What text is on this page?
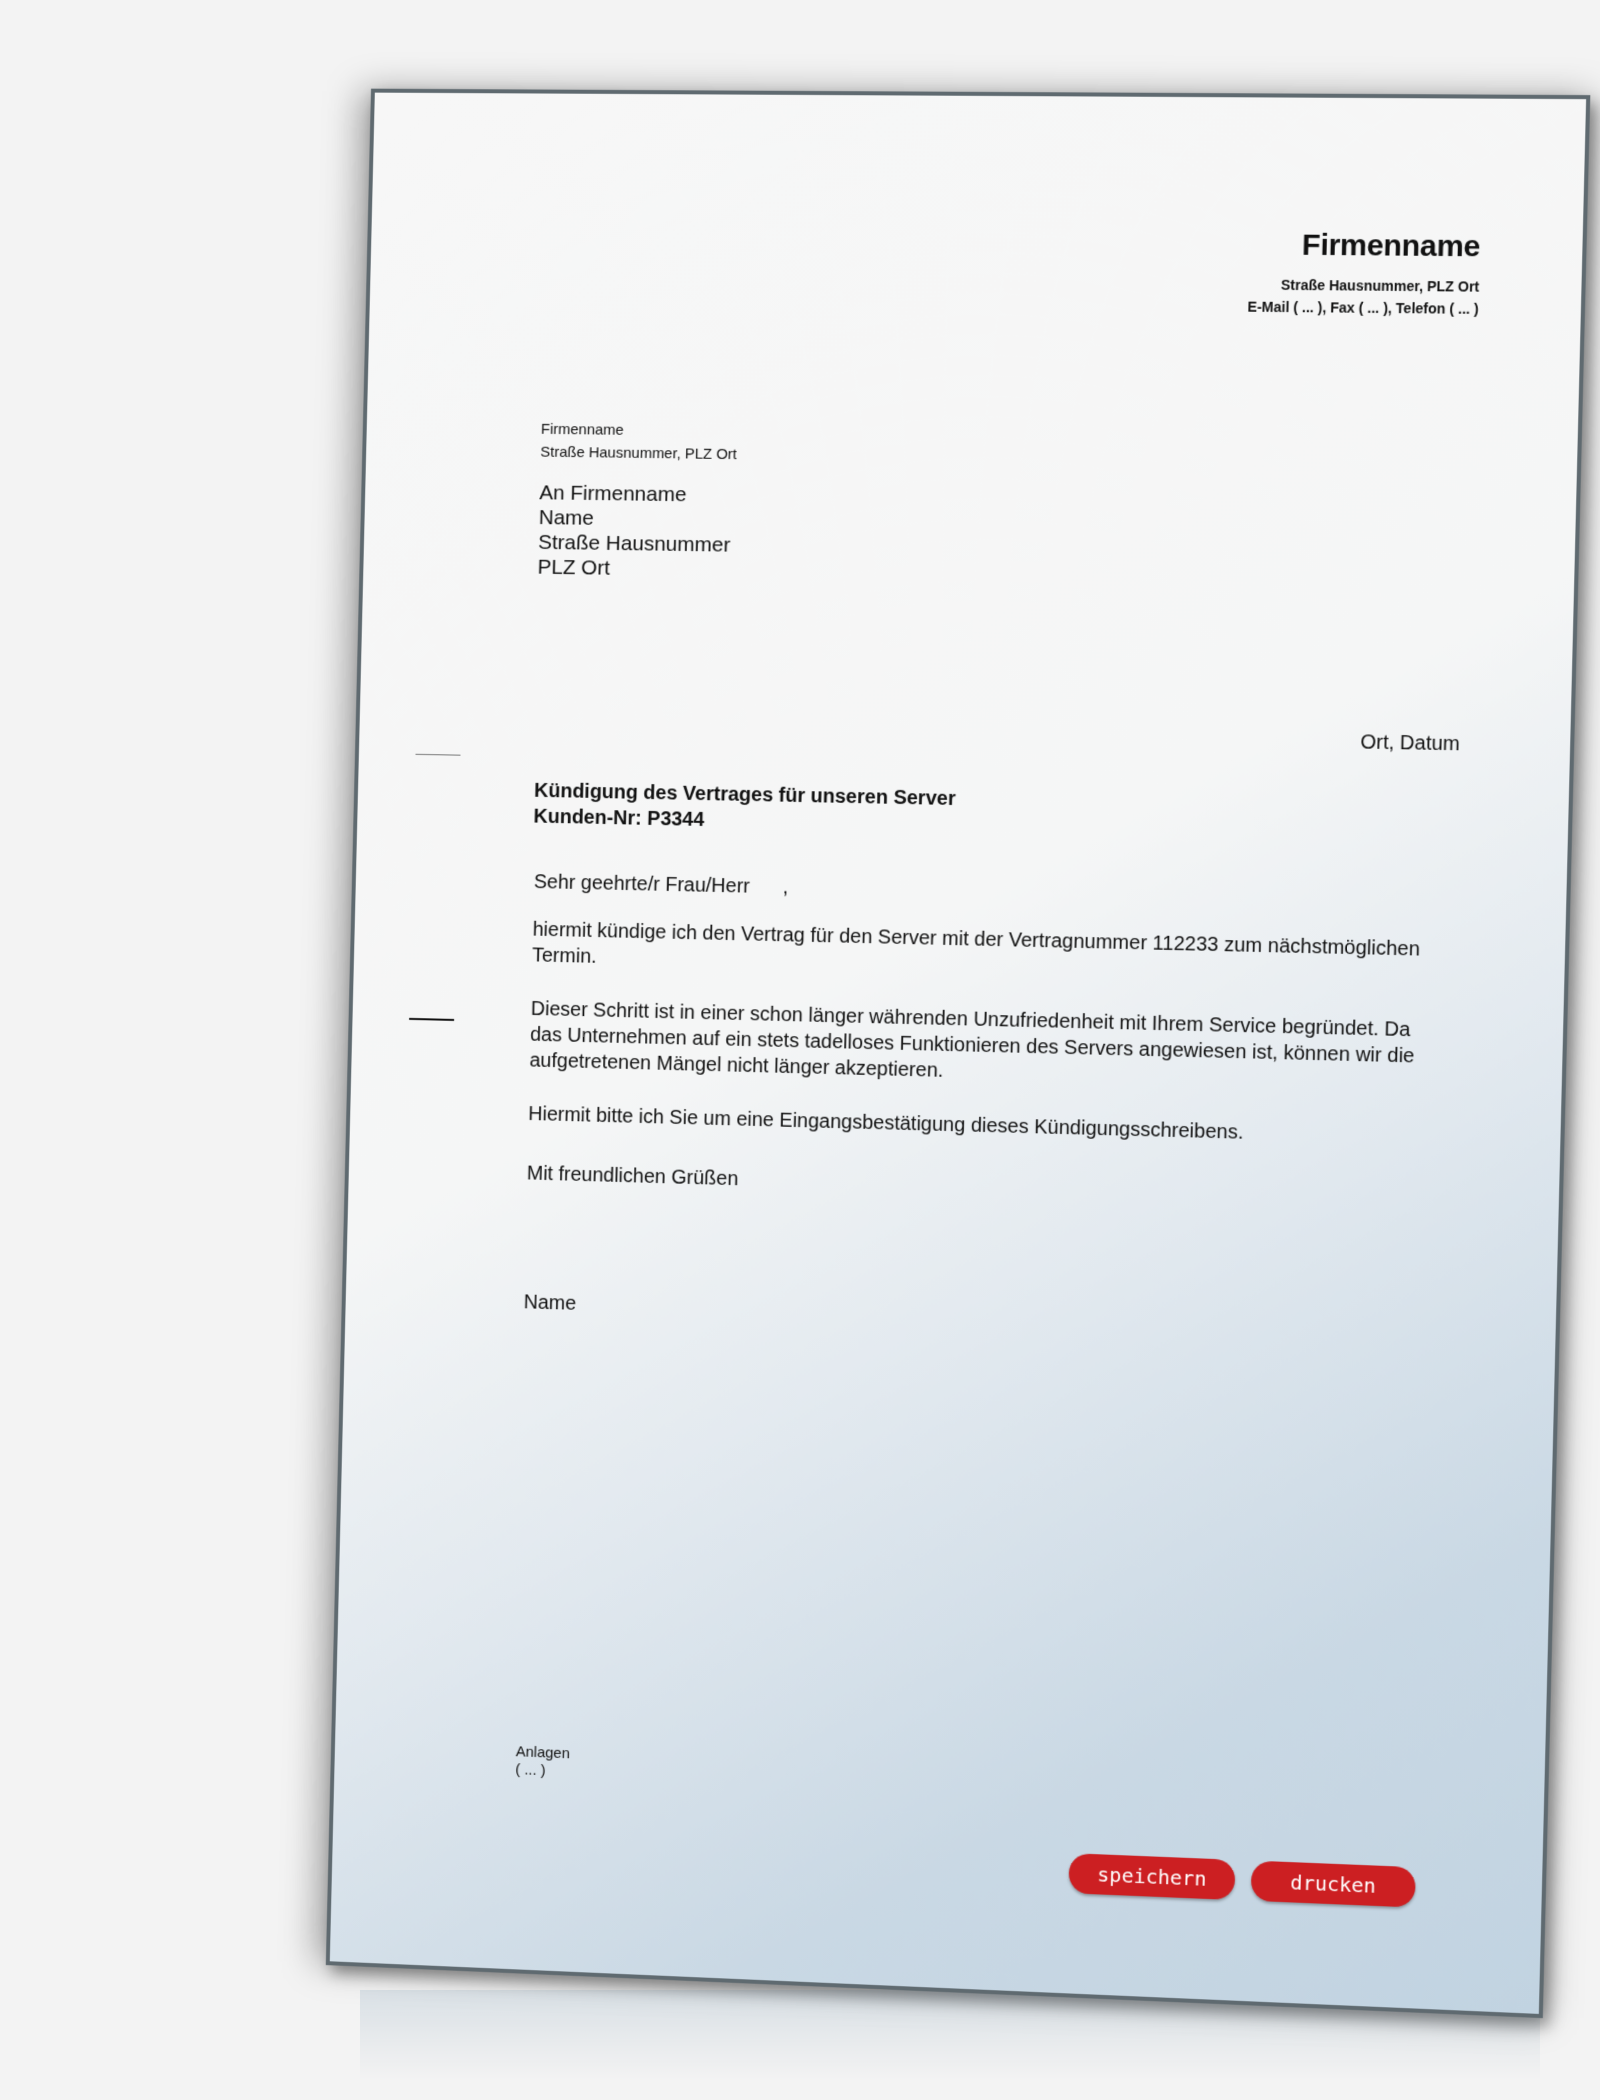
Firmenname
Straße Hausnummer, PLZ Ort
E-Mail ( ... ), Fax ( ... ), Telefon ( ... )
Firmenname
Straße Hausnummer, PLZ Ort
An Firmenname
Name
Straße Hausnummer
PLZ Ort
Ort, Datum
Kündigung des Vertrages für unseren Server
Kunden-Nr: P3344
Sehr geehrte/r Frau/Herr      ,
hiermit kündige ich den Vertrag für den Server mit der Vertragnummer 112233 zum nächstmöglichen Termin.
Dieser Schritt ist in einer schon länger währenden Unzufriedenheit mit Ihrem Service begründet. Da das Unternehmen auf ein stets tadelloses Funktionieren des Servers angewiesen ist, können wir die aufgetretenen Mängel nicht länger akzeptieren.
Hiermit bitte ich Sie um eine Eingangsbestätigung dieses Kündigungsschreibens.
Mit freundlichen Grüßen
Name
Anlagen
( ... )
speichern	drucken
